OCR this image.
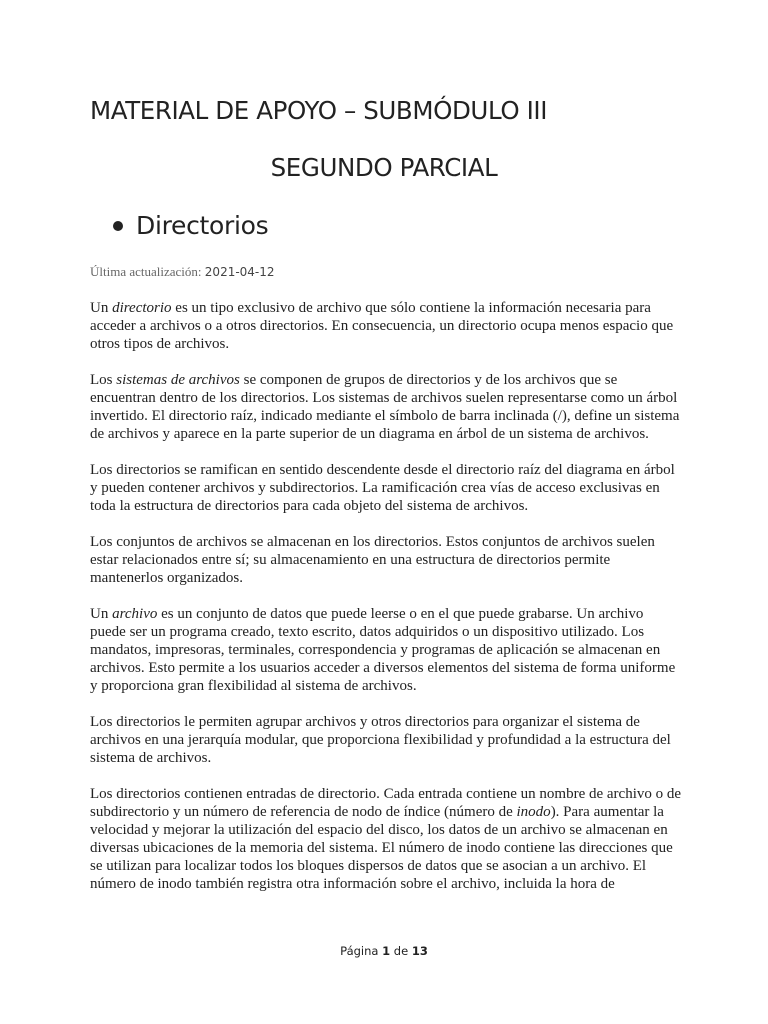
MATERIAL DE APOYO – SUBMÓDULO III
SEGUNDO PARCIAL
Directorios
Última actualización: 2021-04-12

Un directorio es un tipo exclusivo de archivo que sólo contiene la información necesaria para acceder a archivos o a otros directorios. En consecuencia, un directorio ocupa menos espacio que otros tipos de archivos.

Los sistemas de archivos se componen de grupos de directorios y de los archivos que se encuentran dentro de los directorios. Los sistemas de archivos suelen representarse como un árbol invertido. El directorio raíz, indicado mediante el símbolo de barra inclinada (/), define un sistema de archivos y aparece en la parte superior de un diagrama en árbol de un sistema de archivos.

Los directorios se ramifican en sentido descendente desde el directorio raíz del diagrama en árbol y pueden contener archivos y subdirectorios. La ramificación crea vías de acceso exclusivas en toda la estructura de directorios para cada objeto del sistema de archivos.

Los conjuntos de archivos se almacenan en los directorios. Estos conjuntos de archivos suelen estar relacionados entre sí; su almacenamiento en una estructura de directorios permite mantenerlos organizados.

Un archivo es un conjunto de datos que puede leerse o en el que puede grabarse. Un archivo puede ser un programa creado, texto escrito, datos adquiridos o un dispositivo utilizado. Los mandatos, impresoras, terminales, correspondencia y programas de aplicación se almacenan en archivos. Esto permite a los usuarios acceder a diversos elementos del sistema de forma uniforme y proporciona gran flexibilidad al sistema de archivos.

Los directorios le permiten agrupar archivos y otros directorios para organizar el sistema de archivos en una jerarquía modular, que proporciona flexibilidad y profundidad a la estructura del sistema de archivos.

Los directorios contienen entradas de directorio. Cada entrada contiene un nombre de archivo o de subdirectorio y un número de referencia de nodo de índice (número de inodo). Para aumentar la velocidad y mejorar la utilización del espacio del disco, los datos de un archivo se almacenan en diversas ubicaciones de la memoria del sistema. El número de inodo contiene las direcciones que se utilizan para localizar todos los bloques dispersos de datos que se asocian a un archivo. El número de inodo también registra otra información sobre el archivo, incluida la hora de

Página 1 de 13
